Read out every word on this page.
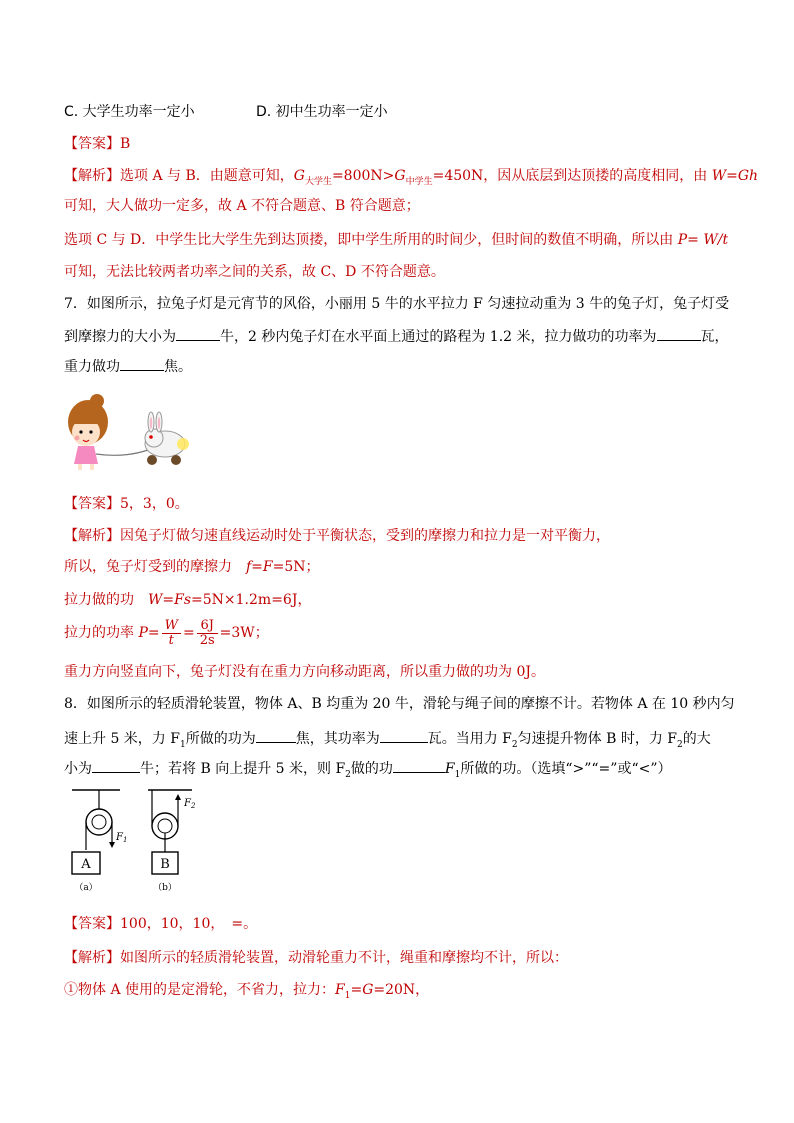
C. 大学生功率一定小	D. 初中生功率一定小
【答案】B
【解析】选项 A 与 B．由题意可知，$G_{大学生}=800N>G_{中学生}=450N$，因从底层到达顶搂的高度相同，由 W=Gh
可知，大人做功一定多，故 A 不符合题意、B 符合题意；
选项 C 与 D．中学生比大学生先到达顶搂，即中学生所用的时间少，但时间的数值不明确，所以由 P= W/t
可知，无法比较两者功率之间的关系，故 C、D 不符合题意。
7．如图所示，拉兔子灯是元宵节的风俗，小丽用 5 牛的水平拉力 F 匀速拉动重为 3 牛的兔子灯，兔子灯受
到摩擦力的大小为	牛，2 秒内兔子灯在水平面上通过的路程为 1.2 米，拉力做功的功率为	瓦，
重力做功	焦。
【答案】5，3，0。
【解析】因兔子灯做匀速直线运动时处于平衡状态，受到的摩擦力和拉力是一对平衡力，
所以，兔子灯受到的摩擦力　f=F=5N；
拉力做的功　W=Fs=5N×1.2m=6J，
拉力的功率 $P= \frac{W}{t} = \frac{6J}{2s} =3W$；
重力方向竖直向下，兔子灯没有在重力方向移动距离，所以重力做的功为 0J。
8．如图所示的轻质滑轮装置，物体 A、B 均重为 20 牛，滑轮与绳子间的摩擦不计。若物体 A 在 10 秒内匀
速上升 5 米，力 $F_1$所做的功为	焦，其功率为	瓦。当用力 $F_2$匀速提升物体 B 时，力 $F_2$的大
小为	牛；若将 B 向上提升 5 米，则 $F_2$做的功	$F_1$所做的功。（选填“>”“=”或“<”）
A
$F_1$
（a）
B
$F_2$
（b）
【答案】100，10，10，　=。
【解析】如图所示的轻质滑轮装置，动滑轮重力不计，绳重和摩擦均不计，所以：
①物体 A 使用的是定滑轮，不省力，拉力：$F_1=G=20N$，
